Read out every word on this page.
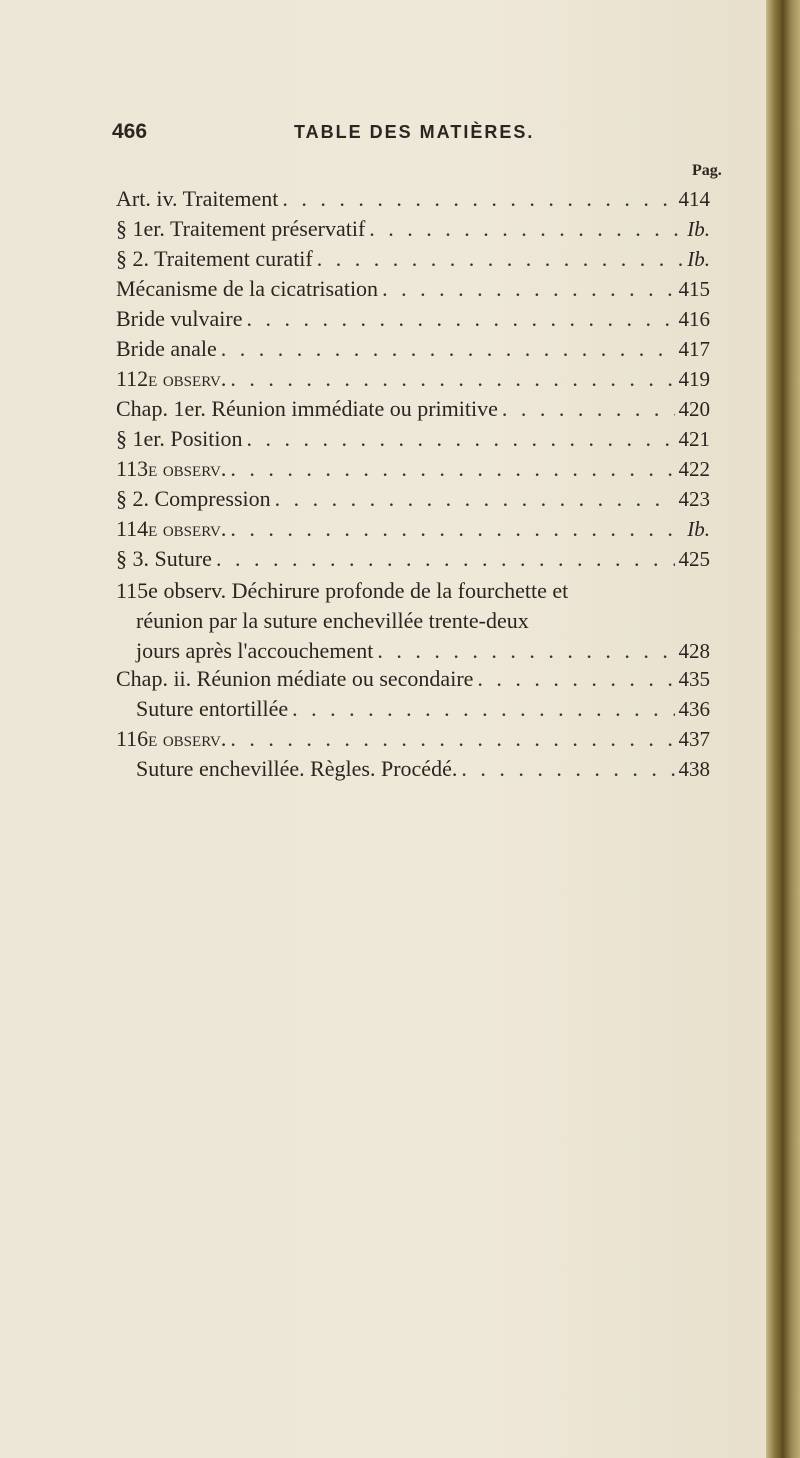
466	TABLE DES MATIÈRES.
Pag.
Art. iv. Traitement . . .	414
§ 1er. Traitement préservatif . . .	Ib.
§ 2. Traitement curatif . . .	Ib.
Mécanisme de la cicatrisation . . .	415
Bride vulvaire . . .	416
Bride anale . . .	417
112e observ. . . .	419
Chap. 1er. Réunion immédiate ou primitive . . .	420
§ 1er. Position . . .	421
113e observ. . . .	422
§ 2. Compression . . .	423
114e observ. . . .	Ib.
§ 3. Suture . . .	425
115e observ. Déchirure profonde de la fourchette et
réunion par la suture enchevillée trente-deux
jours après l'accouchement . . .	428
Chap. ii. Réunion médiate ou secondaire . . .	435
Suture entortillée . . .	436
116e observ. . . .	437
Suture enchevillée. Règles. Procédé. . . .	438
